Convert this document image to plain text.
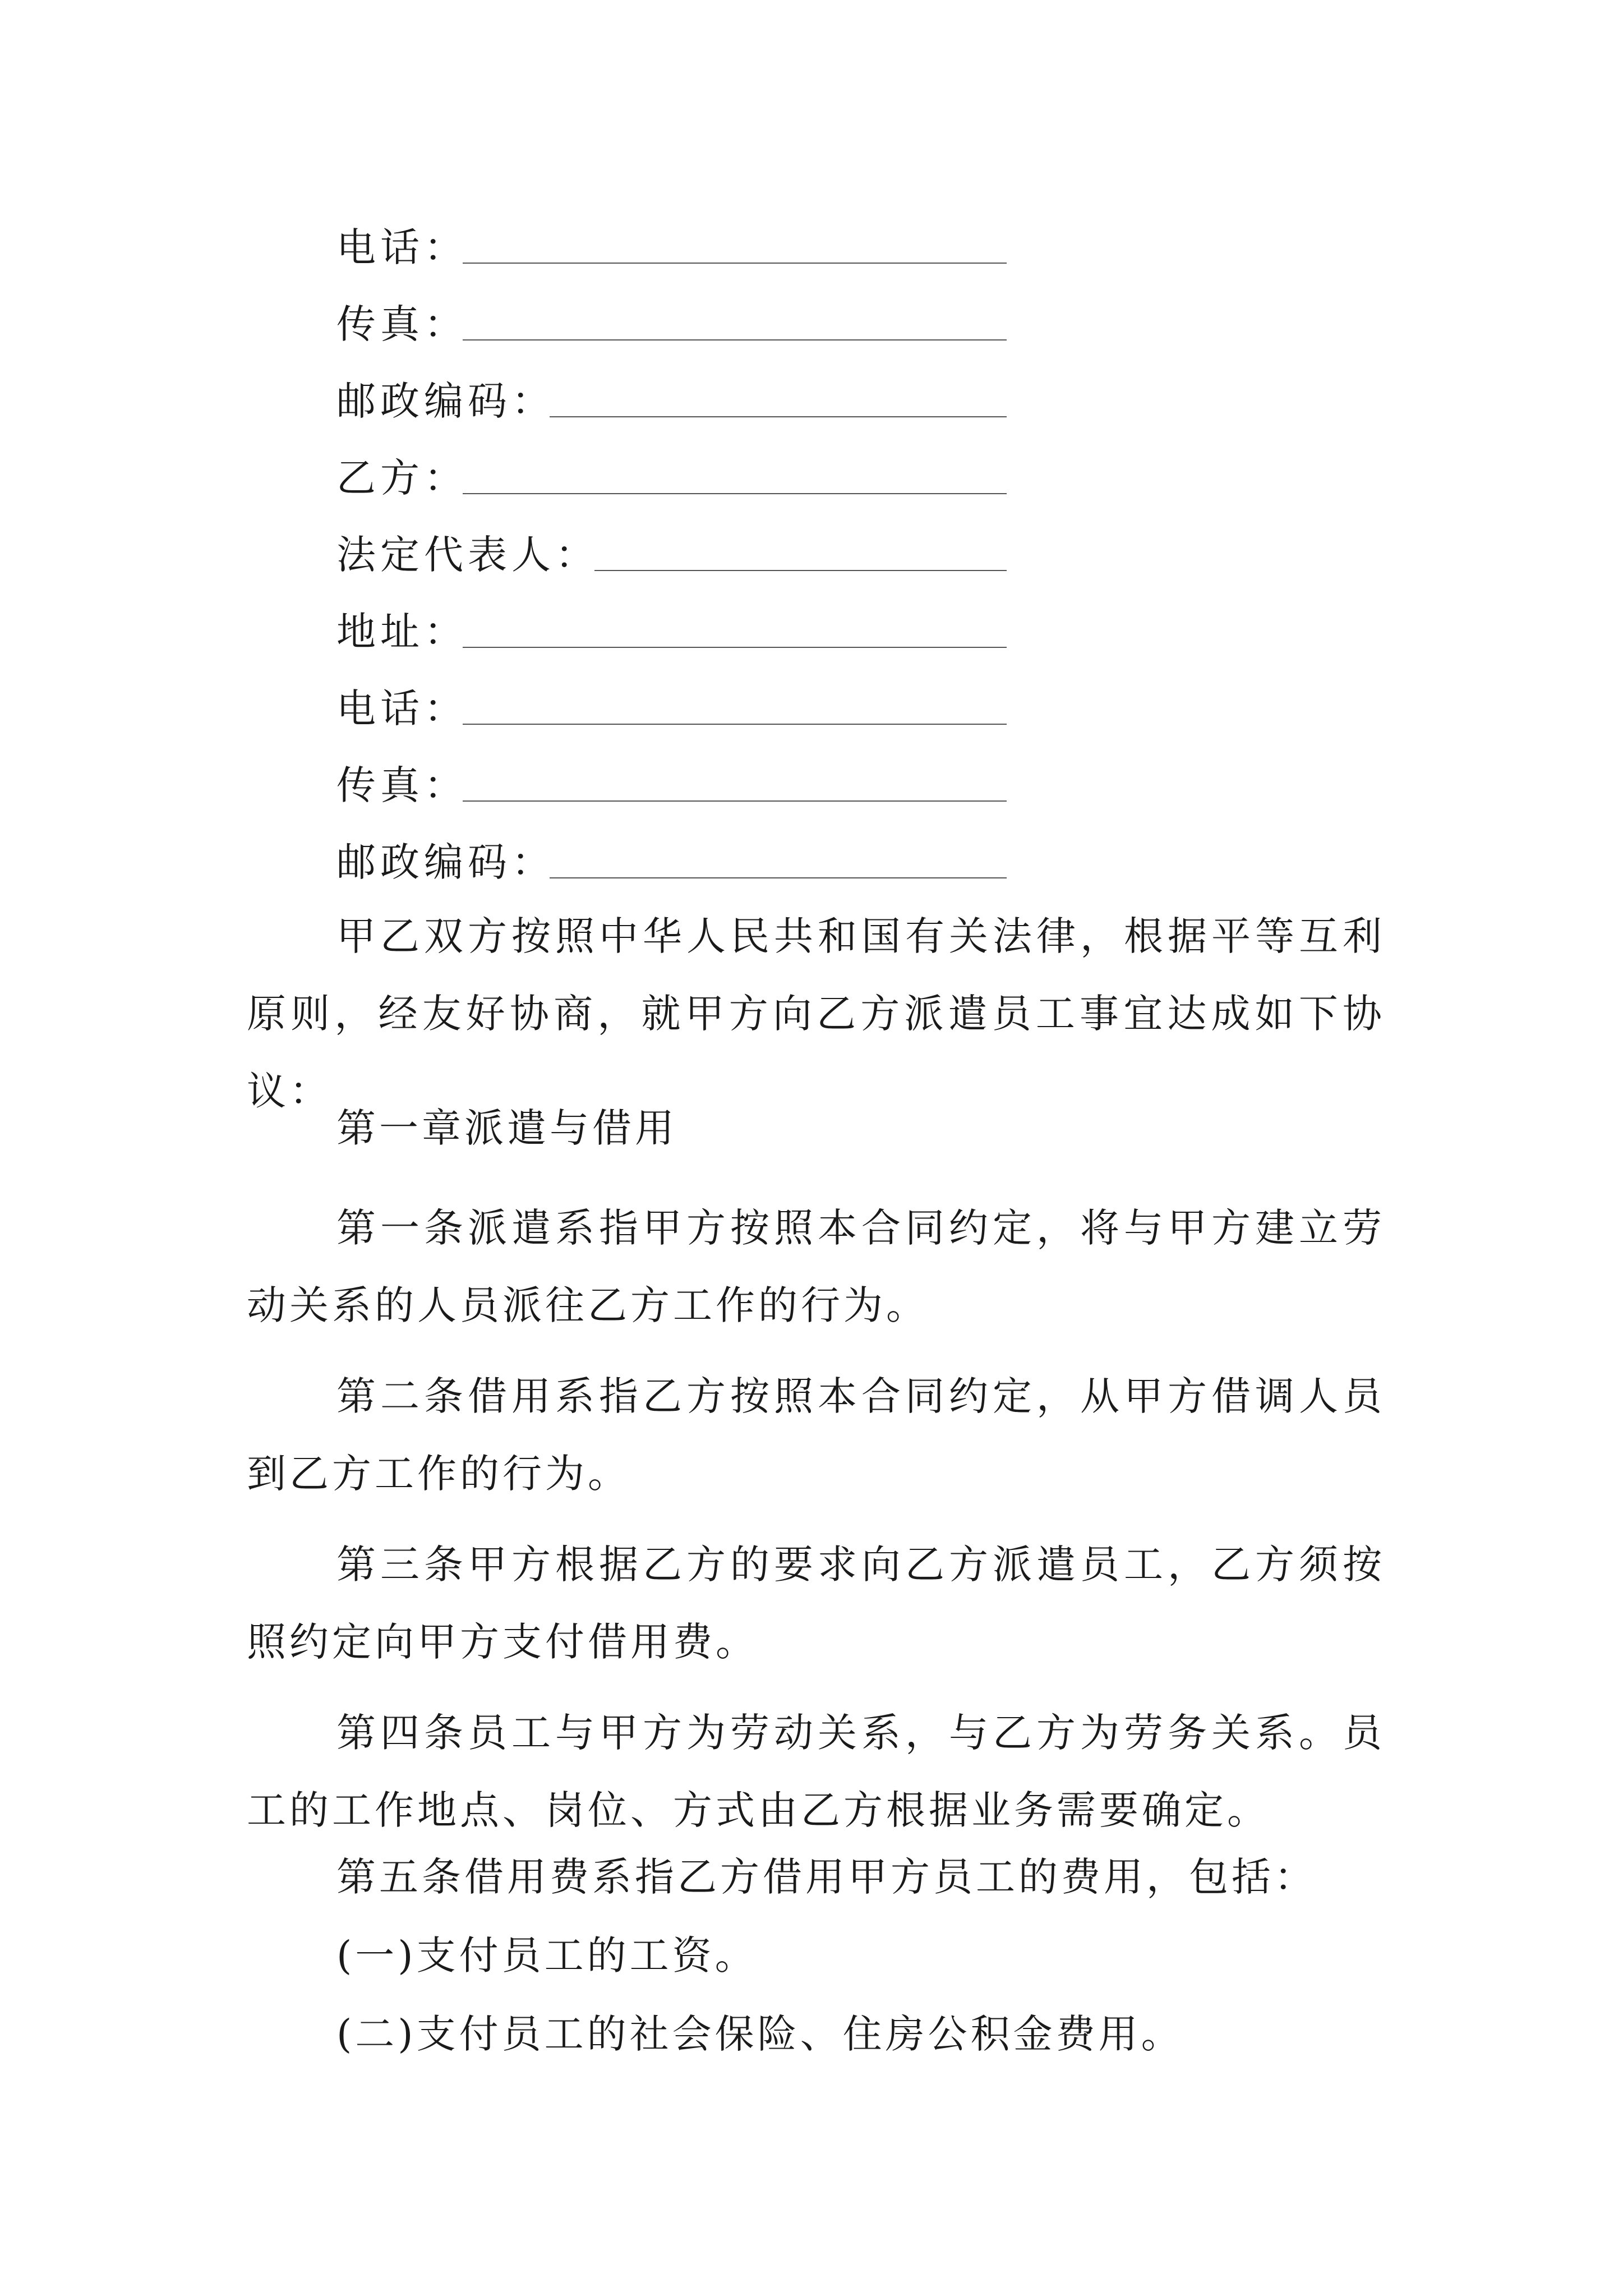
电话：
传真：
邮政编码：
乙方：
法定代表人：
地址：
电话：
传真：
邮政编码：

甲乙双方按照中华人民共和国有关法律，根据平等互利原则，经友好协商，就甲方向乙方派遣员工事宜达成如下协议：

第一章派遣与借用

第一条派遣系指甲方按照本合同约定，将与甲方建立劳动关系的人员派往乙方工作的行为。

第二条借用系指乙方按照本合同约定，从甲方借调人员到乙方工作的行为。

第三条甲方根据乙方的要求向乙方派遣员工，乙方须按照约定向甲方支付借用费。

第四条员工与甲方为劳动关系，与乙方为劳务关系。员工的工作地点、岗位、方式由乙方根据业务需要确定。

第五条借用费系指乙方借用甲方员工的费用，包括：

(一)支付员工的工资。

(二)支付员工的社会保险、住房公积金费用。
